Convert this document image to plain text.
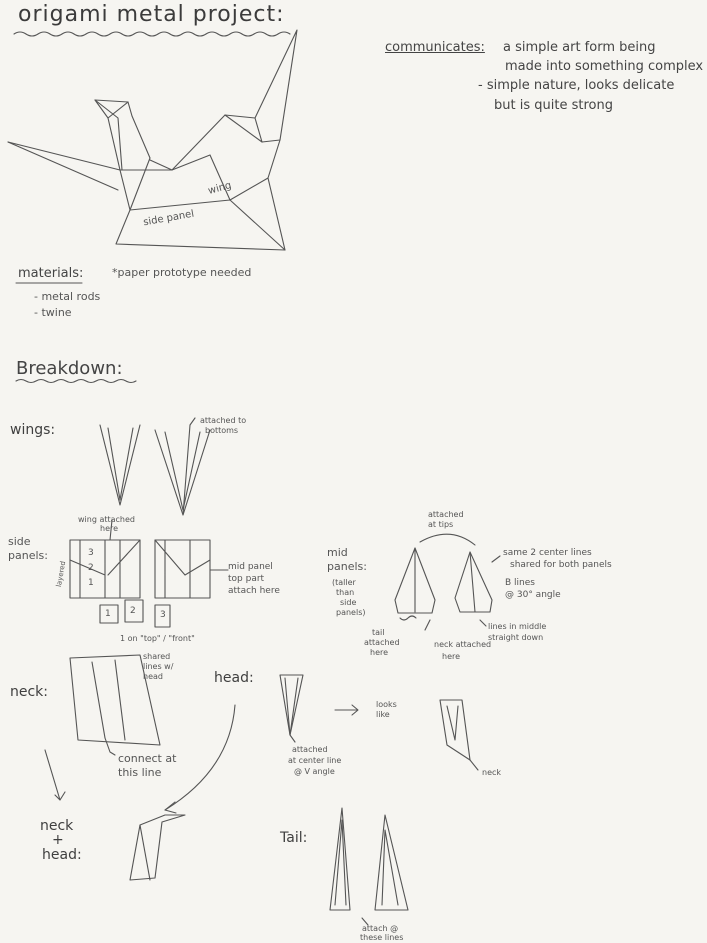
origami metal project:
communicates: a simple art form being
made into something complex
- simple nature, looks delicate
but is quite strong
wing
side panel
materials:
- metal rods
- twine
*paper prototype needed
Breakdown:
wings:
attached to
bottoms
wing attached
here
side
panels:
layered
3
2
1
1 2	3
mid panel
top part
attach here
1 on "top" / "front"
shared
lines w/
head
mid
panels:
(taller
than
side
panels)
attached
at tips
same 2 center lines
shared for both panels
B lines
@ 30° angle
lines in middle
straight down
tail
attached
here
neck attached
here
neck:
connect at
this line
head:
attached
at center line
@ V angle
looks
like
neck
neck
+
head:
Tail:
attach @
these lines
